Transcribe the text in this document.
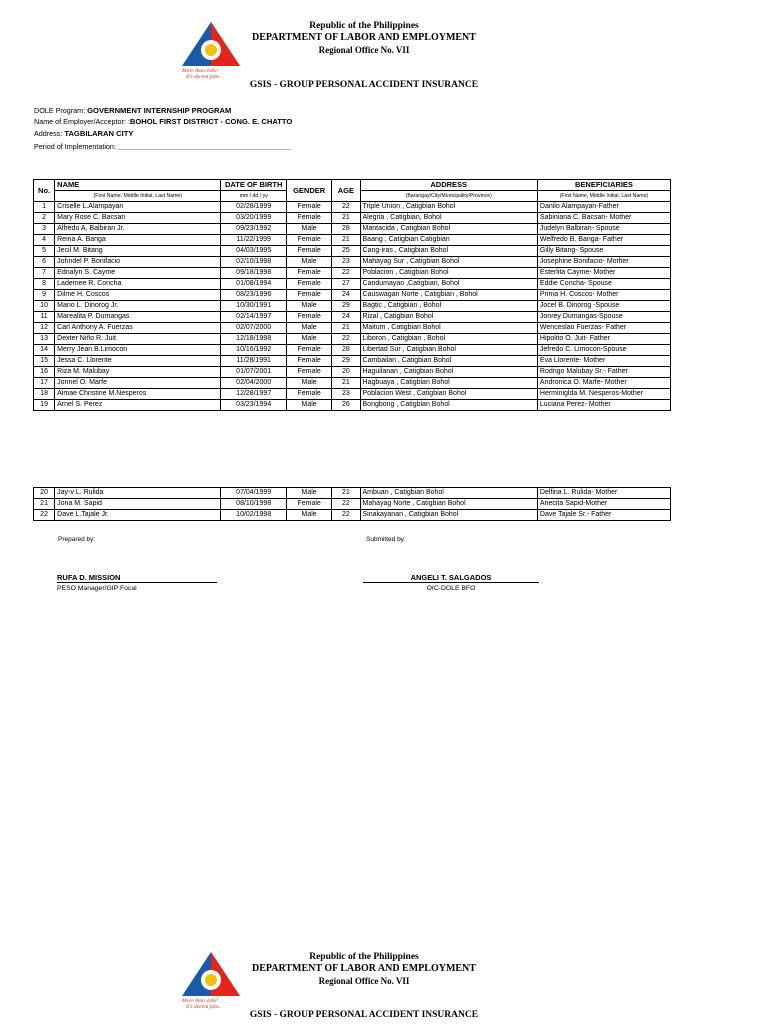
More than Jobs!
It's decent jobs.
Republic of the Philippines
DEPARTMENT OF LABOR AND EMPLOYMENT
Regional Office No. VII
GSIS - GROUP PERSONAL ACCIDENT INSURANCE
DOLE Program: GOVERNMENT INTERNSHIP PROGRAM
Name of Employer/Acceptor: :BOHOL FIRST DISTRICT - CONG. E. CHATTO
Address: TAGBILARAN CITY
Period of Implementation: _________________________________________
No.	NAME	DATE OF BIRTH	GENDER	AGE	ADDRESS	BENEFICIARIES
	(First Name, Middle Initial, Last Name)	mm / dd / yy			(Barangay/City/Municipality/Province)	(First Name, Middle Initial, Last Name)
1	Criselle L.Alampayan	02/28/1999	Female	22	Triple Union , Catigbian Bohol	Danilo Alampayan-Father
2	Mary Rose C. Bacsan	03/20/1999	Female	21	Alegria , Catigbian, Bohol	Sabiniana C. Bacsan- Mother
3	Alfredo A. Balbiran Jr.	09/23/1992	Male	28	Mantacida , Catigbian Bohol	Judelyn Balbiran- Spouse
4	Reina A. Banga	11/22/1999	Female	21	Baang , Catigbian Catigbian	Welfredo B. Banga- Father
5	Jecil M. Bitang	04/03/1995	Female	25	Cang-iras , Catigbian Bohol	Gilly Bitang- Spouse
6	Johndel P. Bonifacio	02/10/1998	Male	23	Mahayag Sur , Catigbian Bohol	Josephine Bonifacio- Mother
7	Ednalyn S. Cayme	09/18/1998	Female	22	Poblacion , Catigbian Bohol	Esterlita Cayme- Mother
8	Lademee R. Concha	01/08/1994	Female	27	Candumayao ,Catigbian, Bohol	Eddie Concha- Spouse
9	Dilme H. Coscos	08/23/1996	Female	24	Causwagan Norte , Catigbian , Bohol	Prima H. Coscos- Mother
10	Mario L. Dinorog Jr.	10/30/1991	Male	29	Bagtic , Catigbian , Bohol	Jocel B. Dinorog -Spouse
11	Marealita P. Dumangas	02/14/1997	Female	24	Rizal , Catigbian Bohol	Jonrey Dumangas-Spouse
12	Carl Anthony A. Fuerzas	02/07/2000	Male	21	Maitum , Catigbian Bohol	Wenceslao Fuerzas- Father
13	Dexter Niño R. Juit	12/18/1998	Male	22	Liboron , Catigbian , Bohol	Hipolito O. Juit- Father
14	Merry Jean B.Limocon	10/16/1992	Female	28	Libertad Sur , Catigbian Bohol	Jefredo C. Limocon-Spouse
15	Jessa C. Llorente	11/28/1991	Female	29	Cambailan , Catigbian Bohol	Eva Llorente- Mother
16	Riza M. Malubay	01/07/2001	Female	20	Haguilanan , Catigbian Bohol	Rodrigo Malubay Sr.- Father
17	Jonnel O. Marfe	02/04/2000	Male	21	Hagbuaya , Catigbian Bohol	Andronica O. Marfe- Mother
18	Aimae Christine M.Nesperos	12/28/1997	Female	23	Poblacion West , Catigbian Bohol	Herminiglda M. Nesperos-Mother
19	Arnel S. Perez	03/23/1994	Male	26	Bongbong , Catigbian Bohol	Luciana Perez- Mother
20	Jay-v L. Rulida	07/04/1999	Male	21	Ambuan , Catigbian Bohol	Delfina L. Rulida- Mother
21	Jona M. Sapid	08/10/1998	Female	22	Mahayag Norte , Catigbian Bohol	Anecita Sapid-Mother
22	Dave L.Tajale Jr.	10/02/1998	Male	22	Sinakayanan , Catigbian Bohol	Dave Tajale Sr.- Father
Prepared by:	Submitted by:
RUFA D. MISSION	ANGELI T. SALGADOS
PESO Manager/GIP Focal	OIC-DOLE BFO
More than Jobs!
It's decent jobs.
Republic of the Philippines
DEPARTMENT OF LABOR AND EMPLOYMENT
Regional Office No. VII
GSIS - GROUP PERSONAL ACCIDENT INSURANCE
